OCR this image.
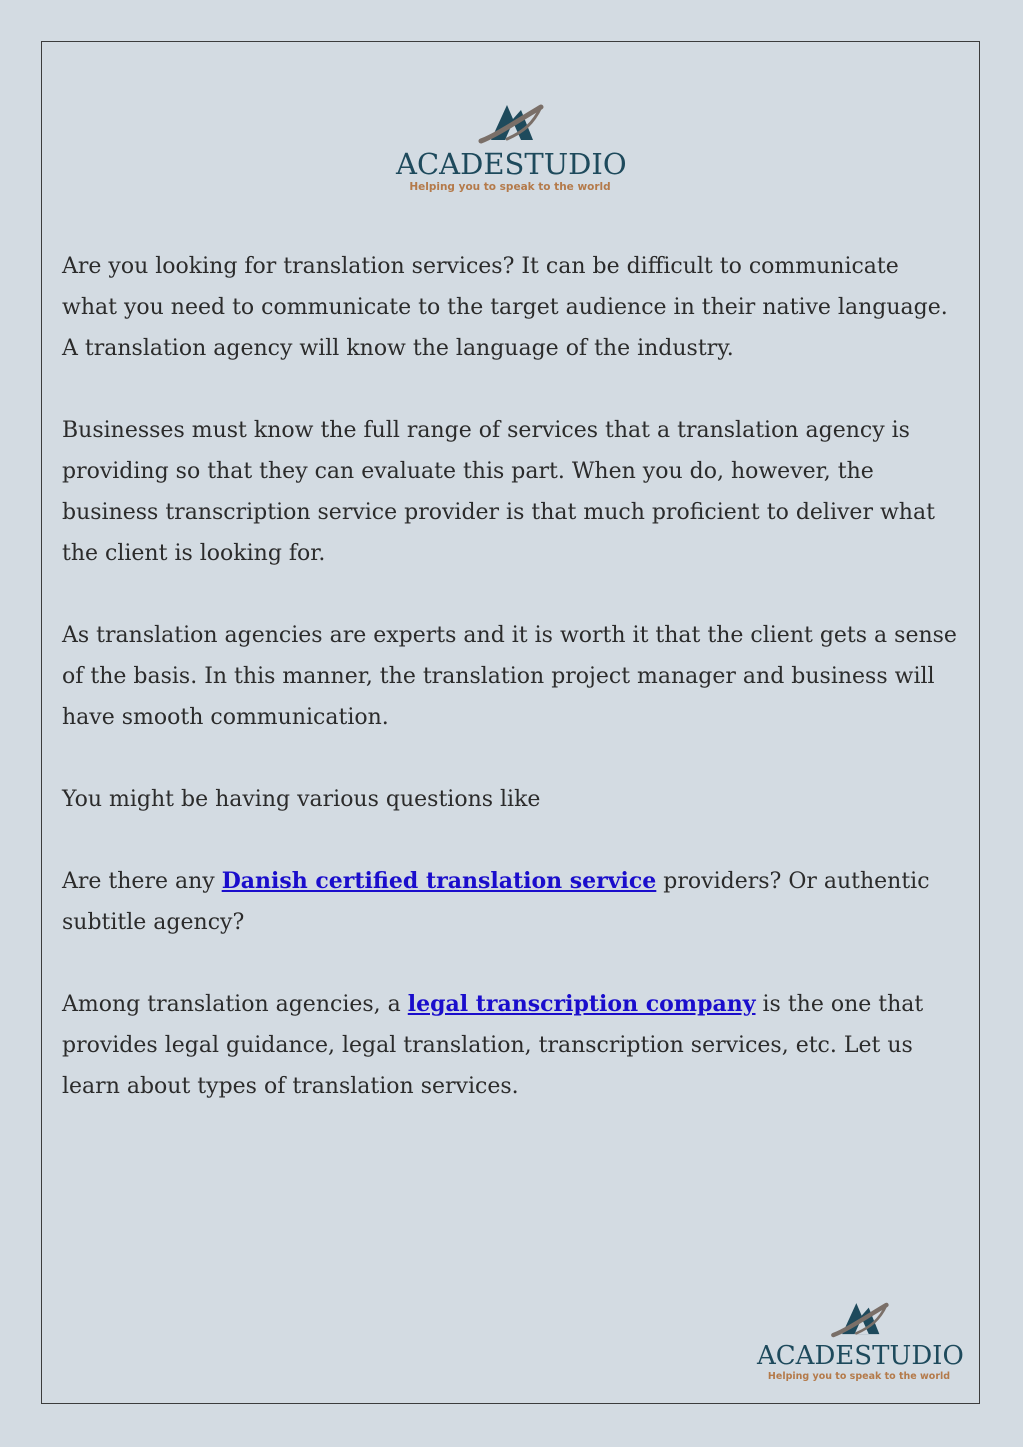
ACADESTUDIO
Helping you to speak to the world

Are you looking for translation services? It can be difficult to communicate
what you need to communicate to the target audience in their native language.
A translation agency will know the language of the industry.

Businesses must know the full range of services that a translation agency is
providing so that they can evaluate this part. When you do, however, the
business transcription service provider is that much proficient to deliver what
the client is looking for.

As translation agencies are experts and it is worth it that the client gets a sense
of the basis. In this manner, the translation project manager and business will
have smooth communication.

You might be having various questions like

Are there any Danish certified translation service providers? Or authentic
subtitle agency?

Among translation agencies, a legal transcription company is the one that
provides legal guidance, legal translation, transcription services, etc. Let us
learn about types of translation services.

ACADESTUDIO
Helping you to speak to the world
